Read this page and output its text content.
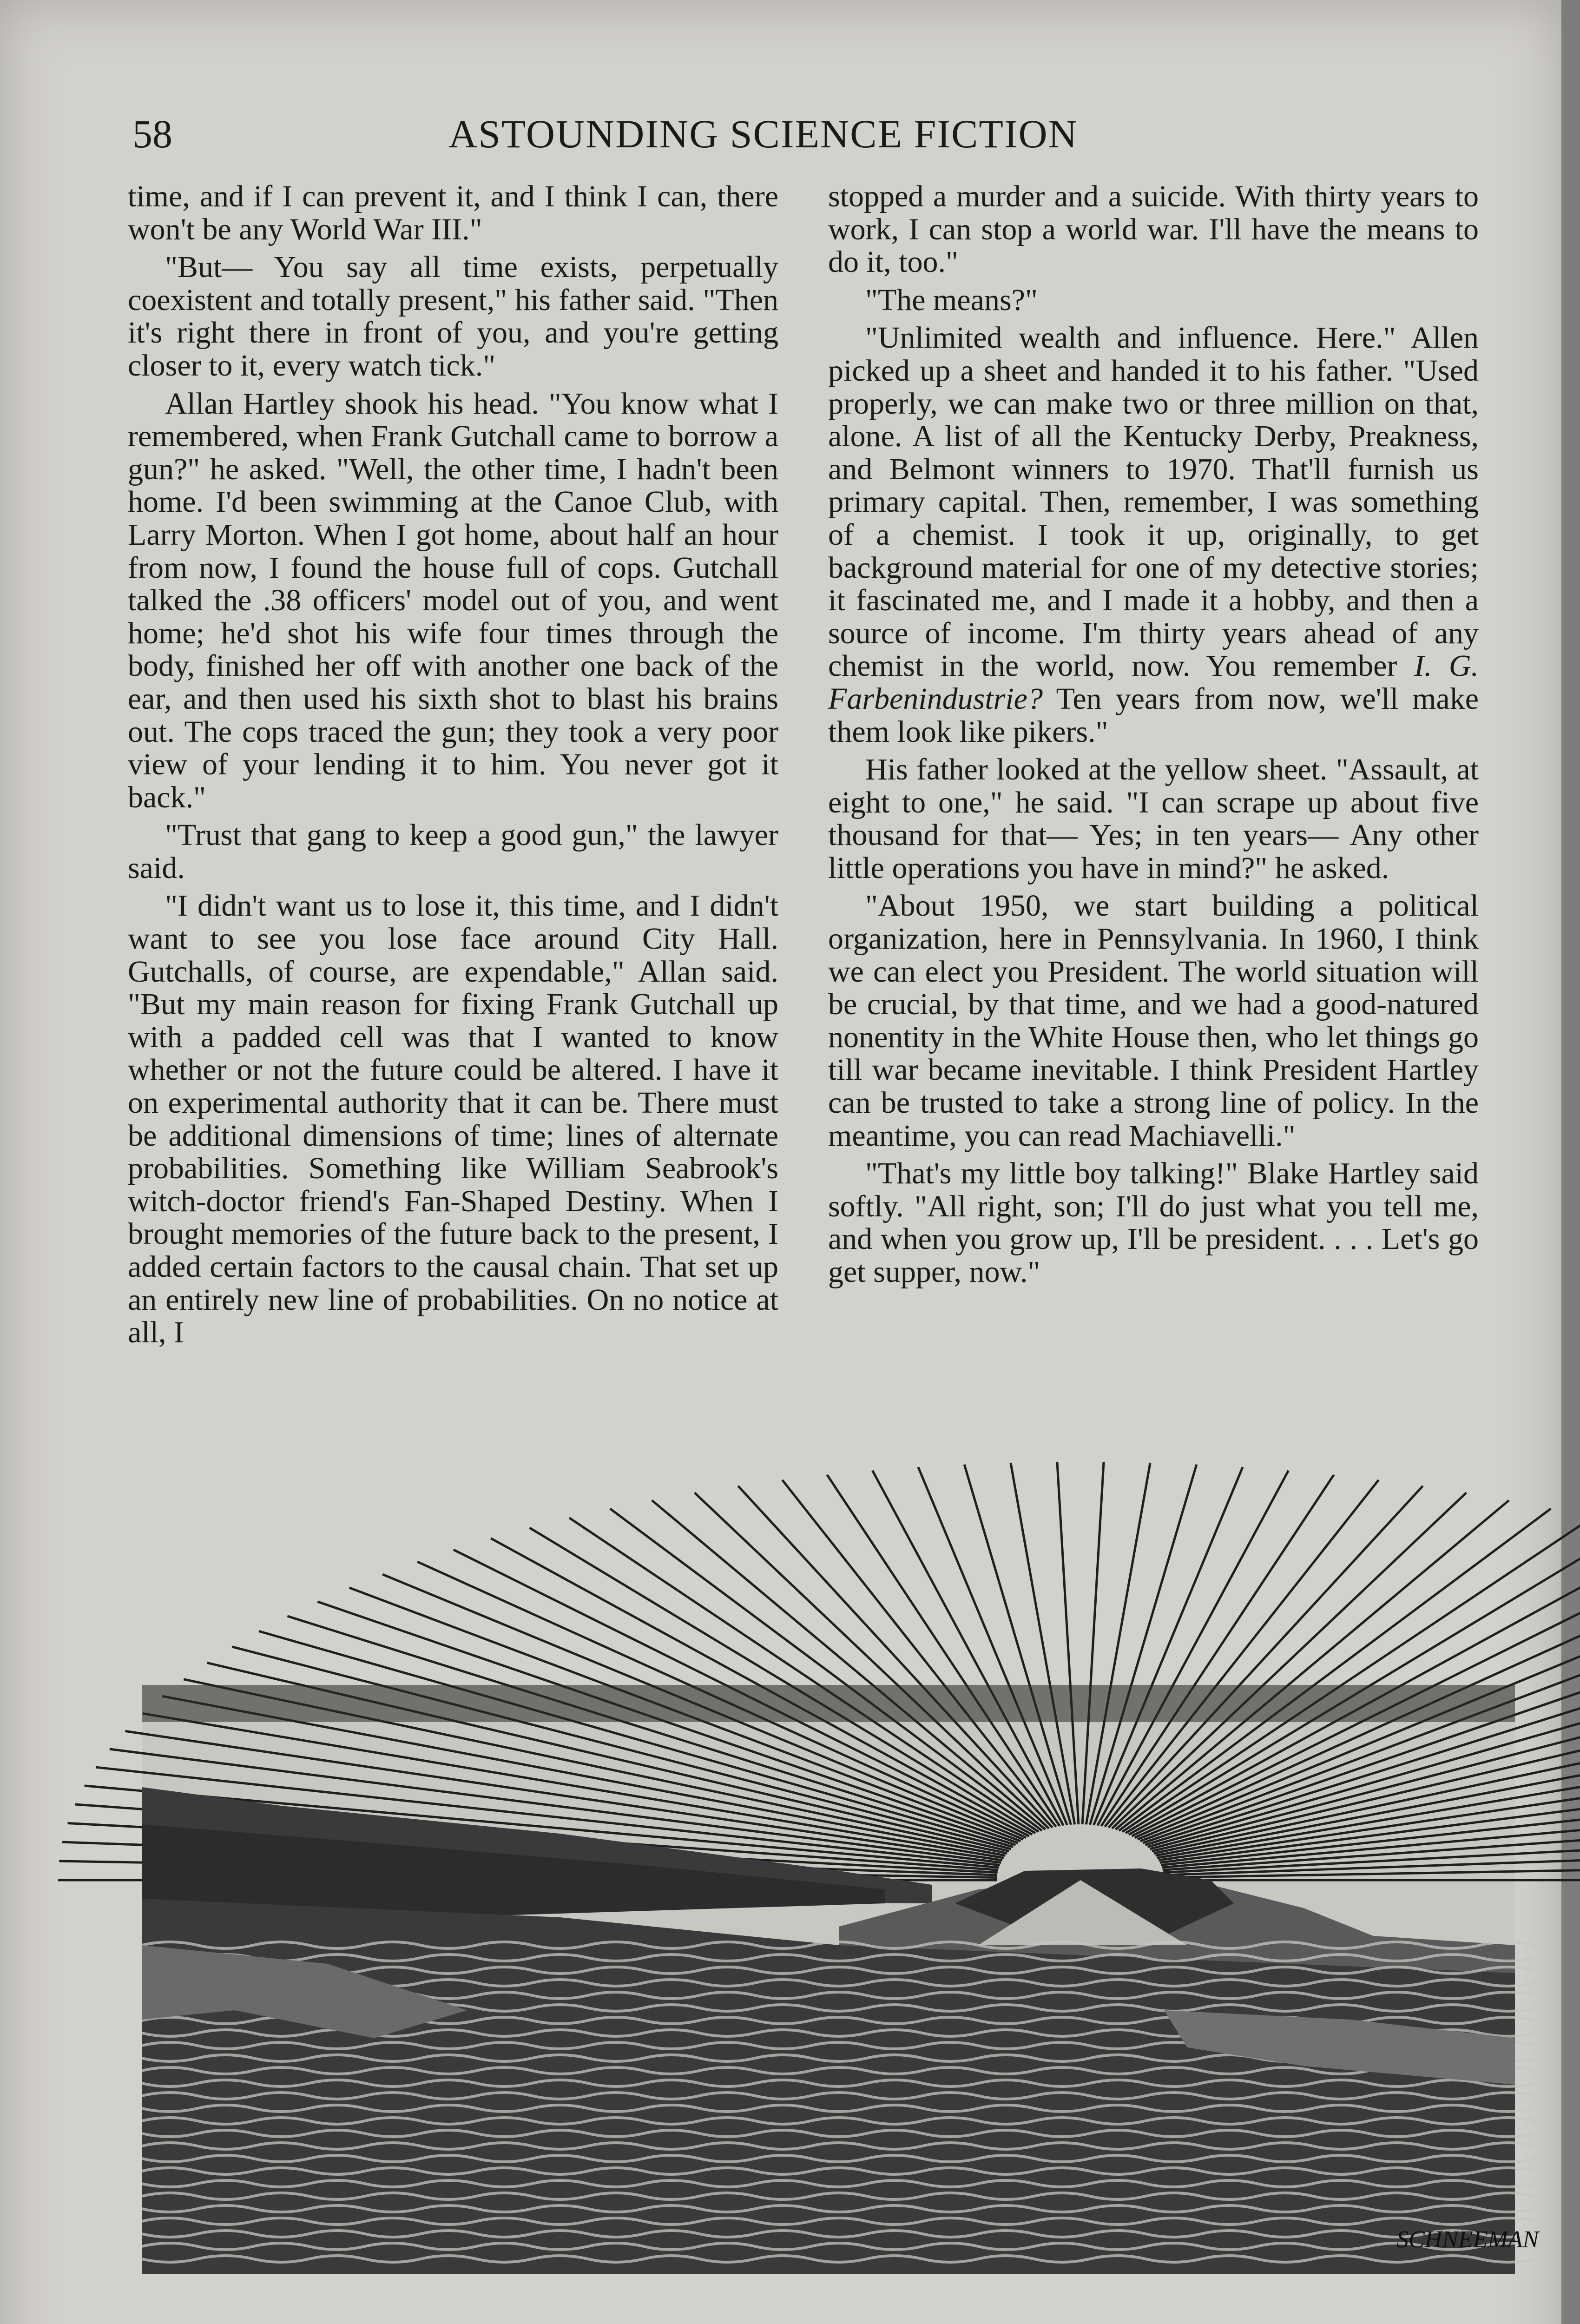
58	ASTOUNDING SCIENCE FICTION

time, and if I can prevent it, and I think I can, there won't be any World War III."

"But— You say all time exists, perpetually coexistent and totally present," his father said. "Then it's right there in front of you, and you're getting closer to it, every watch tick."

Allan Hartley shook his head. "You know what I remembered, when Frank Gutchall came to borrow a gun?" he asked. "Well, the other time, I hadn't been home. I'd been swimming at the Canoe Club, with Larry Morton. When I got home, about half an hour from now, I found the house full of cops. Gutchall talked the .38 officers' model out of you, and went home; he'd shot his wife four times through the body, finished her off with another one back of the ear, and then used his sixth shot to blast his brains out. The cops traced the gun; they took a very poor view of your lending it to him. You never got it back."

"Trust that gang to keep a good gun," the lawyer said.

"I didn't want us to lose it, this time, and I didn't want to see you lose face around City Hall. Gutchalls, of course, are expendable," Allan said. "But my main reason for fixing Frank Gutchall up with a padded cell was that I wanted to know whether or not the future could be altered. I have it on experimental authority that it can be. There must be additional dimensions of time; lines of alternate probabilities. Something like William Seabrook's witch-doctor friend's Fan-Shaped Destiny. When I brought memories of the future back to the present, I added certain factors to the causal chain. That set up an entirely new line of probabilities. On no notice at all, I

stopped a murder and a suicide. With thirty years to work, I can stop a world war. I'll have the means to do it, too."

"The means?"

"Unlimited wealth and influence. Here." Allen picked up a sheet and handed it to his father. "Used properly, we can make two or three million on that, alone. A list of all the Kentucky Derby, Preakness, and Belmont winners to 1970. That'll furnish us primary capital. Then, remember, I was something of a chemist. I took it up, originally, to get background material for one of my detective stories; it fascinated me, and I made it a hobby, and then a source of income. I'm thirty years ahead of any chemist in the world, now. You remember I. G. Farbenindustrie? Ten years from now, we'll make them look like pikers."

His father looked at the yellow sheet. "Assault, at eight to one," he said. "I can scrape up about five thousand for that— Yes; in ten years— Any other little operations you have in mind?" he asked.

"About 1950, we start building a political organization, here in Pennsylvania. In 1960, I think we can elect you President. The world situation will be crucial, by that time, and we had a good-natured nonentity in the White House then, who let things go till war became inevitable. I think President Hartley can be trusted to take a strong line of policy. In the meantime, you can read Machiavelli."

"That's my little boy talking!" Blake Hartley said softly. "All right, son; I'll do just what you tell me, and when you grow up, I'll be president. . . . Let's go get supper, now."

SCHNEEMAN
